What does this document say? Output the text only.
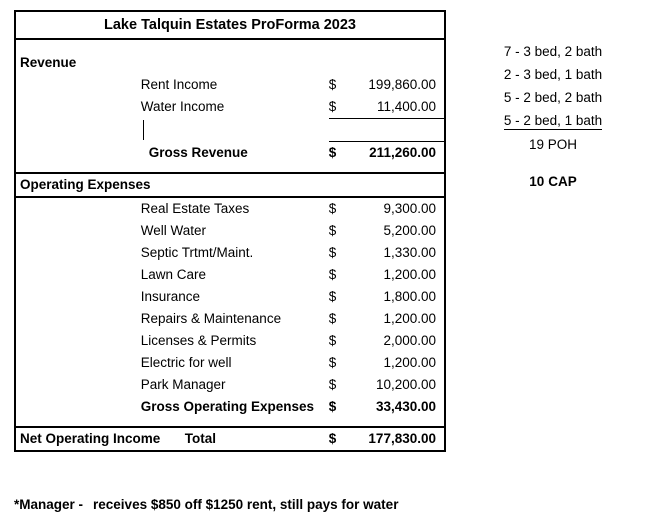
Lake Talquin Estates ProForma 2023			

Revenue			
	Rent Income	$	199,860.00
	Water Income	$	11,400.00

	Gross Revenue	$	211,260.00

Operating Expenses			

	Real Estate Taxes	$	9,300.00
	Well Water	$	5,200.00
	Septic Trtmt/Maint.	$	1,330.00
	Lawn Care	$	1,200.00
	Insurance	$	1,800.00
	Repairs & Maintenance	$	1,200.00
	Licenses & Permits	$	2,000.00
	Electric for well	$	1,200.00
	Park Manager	$	10,200.00
	Gross Operating Expenses	$	33,430.00

Net Operating Income	Total	$	177,830.00
7 - 3 bed, 2 bath
2 - 3 bed, 1 bath
5 - 2 bed, 2 bath
5 - 2 bed, 1 bath
19 POH
10 CAP
*Manager - receives $850 off $1250 rent, still pays for water
